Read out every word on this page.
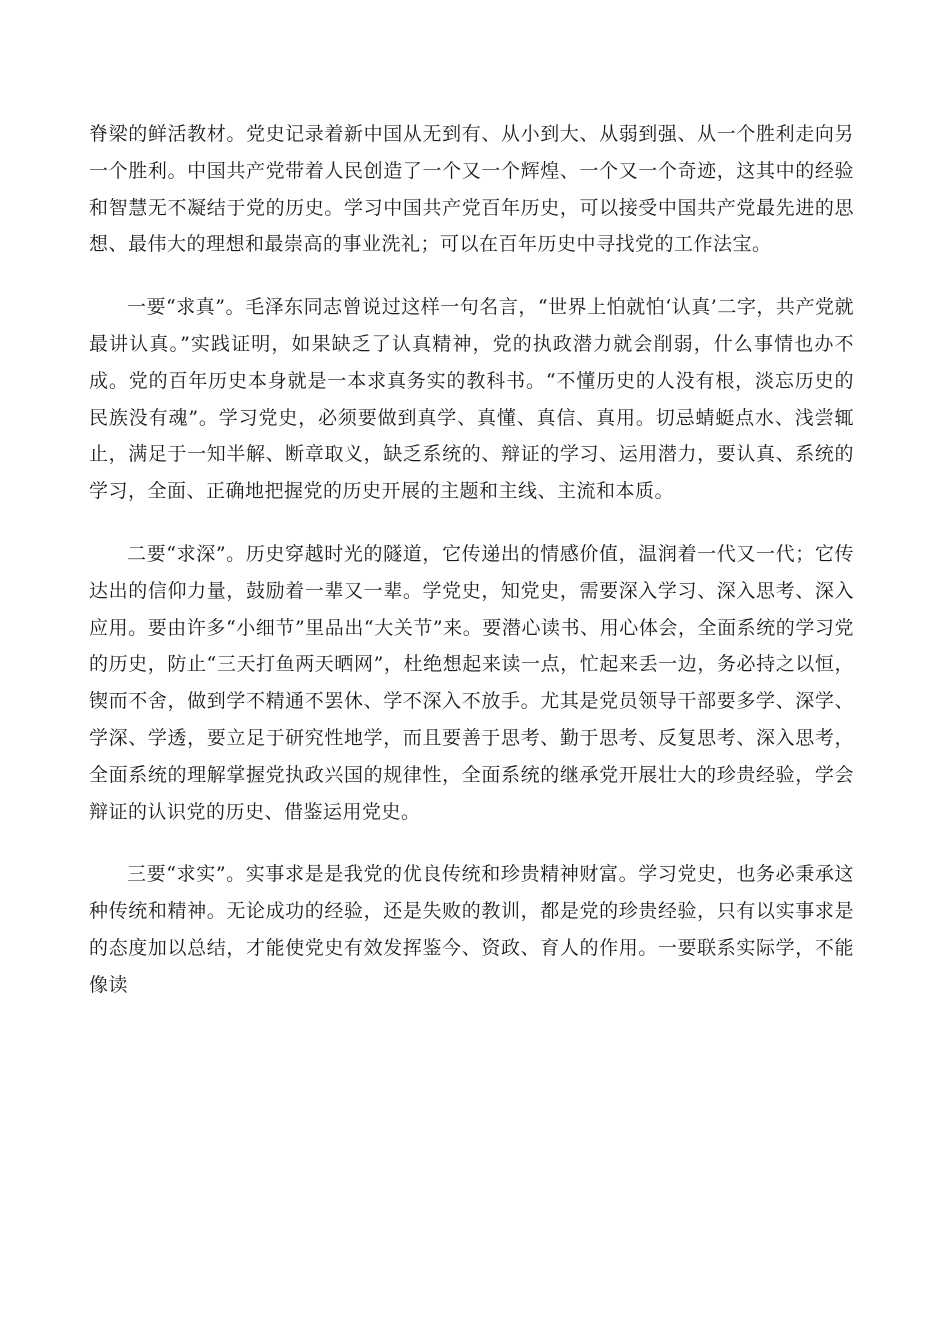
脊梁的鲜活教材。党史记录着新中国从无到有、从小到大、从弱到强、从一个胜利走向另一个胜利。中国共产党带着人民创造了一个又一个辉煌、一个又一个奇迹，这其中的经验和智慧无不凝结于党的历史。学习中国共产党百年历史，可以接受中国共产党最先进的思想、最伟大的理想和最崇高的事业洗礼；可以在百年历史中寻找党的工作法宝。

一要“求真”。毛泽东同志曾说过这样一句名言，“世界上怕就怕‘认真’二字，共产党就最讲认真。”实践证明，如果缺乏了认真精神，党的执政潜力就会削弱，什么事情也办不成。党的百年历史本身就是一本求真务实的教科书。“不懂历史的人没有根，淡忘历史的民族没有魂”。学习党史，必须要做到真学、真懂、真信、真用。切忌蜻蜓点水、浅尝辄止，满足于一知半解、断章取义，缺乏系统的、辩证的学习、运用潜力，要认真、系统的学习，全面、正确地把握党的历史开展的主题和主线、主流和本质。

二要“求深”。历史穿越时光的隧道，它传递出的情感价值，温润着一代又一代；它传达出的信仰力量，鼓励着一辈又一辈。学党史，知党史，需要深入学习、深入思考、深入应用。要由许多“小细节”里品出“大关节”来。要潜心读书、用心体会，全面系统的学习党的历史，防止“三天打鱼两天晒网”，杜绝想起来读一点，忙起来丢一边，务必持之以恒，锲而不舍，做到学不精通不罢休、学不深入不放手。尤其是党员领导干部要多学、深学、学深、学透，要立足于研究性地学，而且要善于思考、勤于思考、反复思考、深入思考，全面系统的理解掌握党执政兴国的规律性，全面系统的继承党开展壮大的珍贵经验，学会辩证的认识党的历史、借鉴运用党史。

三要“求实”。实事求是是我党的优良传统和珍贵精神财富。学习党史，也务必秉承这种传统和精神。无论成功的经验，还是失败的教训，都是党的珍贵经验，只有以实事求是的态度加以总结，才能使党史有效发挥鉴今、资政、育人的作用。一要联系实际学，不能像读
